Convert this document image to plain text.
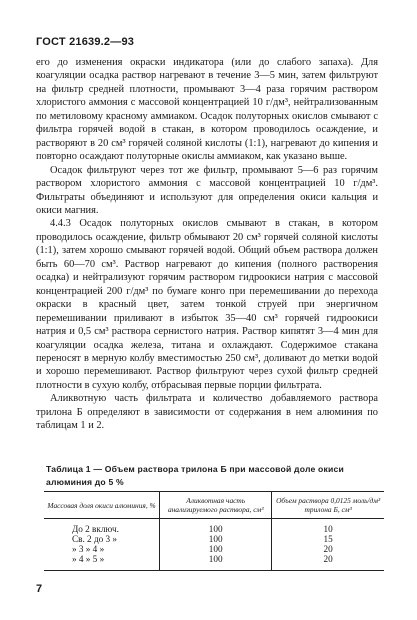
ГОСТ 21639.2—93

его до изменения окраски индикатора (или до слабого запаха). Для коагуляции осадка раствор нагревают в течение 3—5 мин, затем фильтруют на фильтр средней плотности, промывают 3—4 раза горячим раствором хлористого аммония с массовой концентрацией 10 г/дм³, нейтрализованным по метиловому красному аммиаком. Осадок полуторных окислов смывают с фильтра горячей водой в стакан, в котором проводилось осаждение, и растворяют в 20 см³ горячей соляной кислоты (1:1), нагревают до кипения и повторно осаждают полуторные окислы аммиаком, как указано выше.

Осадок фильтруют через тот же фильтр, промывают 5—6 раз горячим раствором хлористого аммония с массовой концентрацией 10 г/дм³. Фильтраты объединяют и используют для определения окиси кальция и окиси магния.

4.4.3 Осадок полуторных окислов смывают в стакан, в котором проводилось осаждение, фильтр обмывают 20 см³ горячей соляной кислоты (1:1), затем хорошо смывают горячей водой. Общий объем раствора должен быть 60—70 см³. Раствор нагревают до кипения (полного растворения осадка) и нейтрализуют горячим раствором гидроокиси натрия с массовой концентрацией 200 г/дм³ по бумаге конго при перемешивании до перехода окраски в красный цвет, затем тонкой струей при энергичном перемешивании приливают в избыток 35—40 см³ горячей гидроокиси натрия и 0,5 см³ раствора сернистого натрия. Раствор кипятят 3—4 мин для коагуляции осадка железа, титана и охлаждают. Содержимое стакана переносят в мерную колбу вместимостью 250 см³, доливают до метки водой и хорошо перемешивают. Раствор фильтруют через сухой фильтр средней плотности в сухую колбу, отбрасывая первые порции фильтрата.

Аликвотную часть фильтрата и количество добавляемого раствора трилона Б определяют в зависимости от содержания в нем алюминия по таблицам 1 и 2.

Таблица 1 — Объем раствора трилона Б при массовой доле окиси алюминия до 5 %
Массовая доля окиси алюминия, %	Аликвотная часть анализируемого раствора, см³	Объем раствора 0,0125 моль/дм³ трилона Б, см³
До 2 включ.	100	10
Св. 2 до 3 »	100	15
» 3 » 4 »	100	20
» 4 » 5 »	100	20
7
